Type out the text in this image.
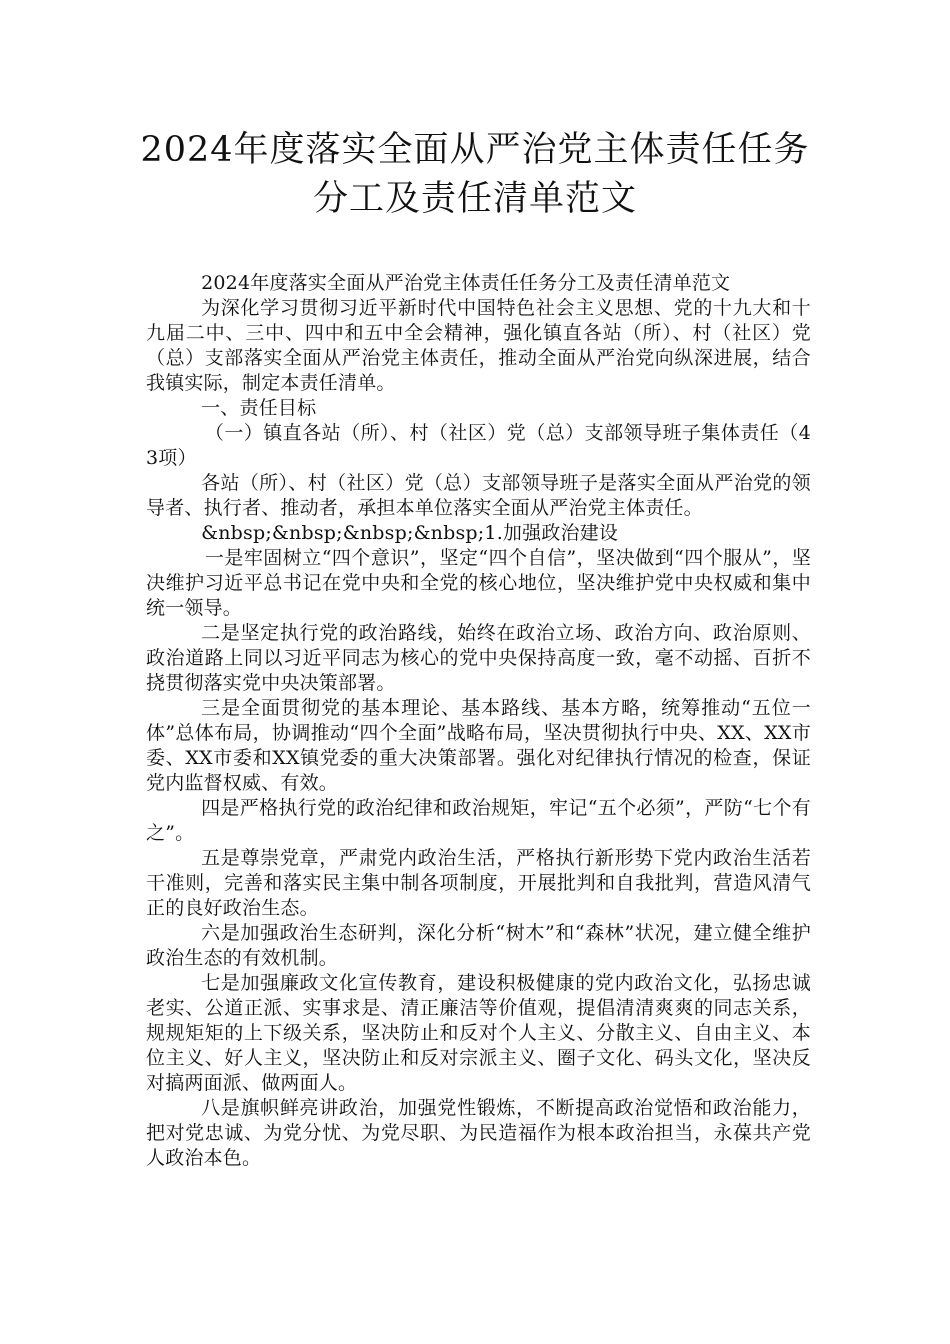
2024年度落实全面从严治党主体责任任务
分工及责任清单范文

2024年度落实全面从严治党主体责任任务分工及责任清单范文

为深化学习贯彻习近平新时代中国特色社会主义思想、党的十九大和十九届二中、三中、四中和五中全会精神，强化镇直各站（所）、村（社区）党（总）支部落实全面从严治党主体责任，推动全面从严治党向纵深进展，结合我镇实际，制定本责任清单。

一、责任目标

（一）镇直各站（所）、村（社区）党（总）支部领导班子集体责任（43项）

各站（所）、村（社区）党（总）支部领导班子是落实全面从严治党的领导者、执行者、推动者，承担本单位落实全面从严治党主体责任。

&nbsp;&nbsp;&nbsp;&nbsp;1.加强政治建设

一是牢固树立“四个意识”，坚定“四个自信”，坚决做到“四个服从”，坚决维护习近平总书记在党中央和全党的核心地位，坚决维护党中央权威和集中统一领导。

二是坚定执行党的政治路线，始终在政治立场、政治方向、政治原则、政治道路上同以习近平同志为核心的党中央保持高度一致，毫不动摇、百折不挠贯彻落实党中央决策部署。

三是全面贯彻党的基本理论、基本路线、基本方略，统筹推动“五位一体”总体布局，协调推动“四个全面”战略布局，坚决贯彻执行中央、XX、XX市委、XX市委和XX镇党委的重大决策部署。强化对纪律执行情况的检查，保证党内监督权威、有效。

四是严格执行党的政治纪律和政治规矩，牢记“五个必须”，严防“七个有之”。

五是尊崇党章，严肃党内政治生活，严格执行新形势下党内政治生活若干准则，完善和落实民主集中制各项制度，开展批判和自我批判，营造风清气正的良好政治生态。

六是加强政治生态研判，深化分析“树木”和“森林”状况，建立健全维护政治生态的有效机制。

七是加强廉政文化宣传教育，建设积极健康的党内政治文化，弘扬忠诚老实、公道正派、实事求是、清正廉洁等价值观，提倡清清爽爽的同志关系，规规矩矩的上下级关系，坚决防止和反对个人主义、分散主义、自由主义、本位主义、好人主义，坚决防止和反对宗派主义、圈子文化、码头文化，坚决反对搞两面派、做两面人。

八是旗帜鲜亮讲政治，加强党性锻炼，不断提高政治觉悟和政治能力，把对党忠诚、为党分忧、为党尽职、为民造福作为根本政治担当，永葆共产党人政治本色。
